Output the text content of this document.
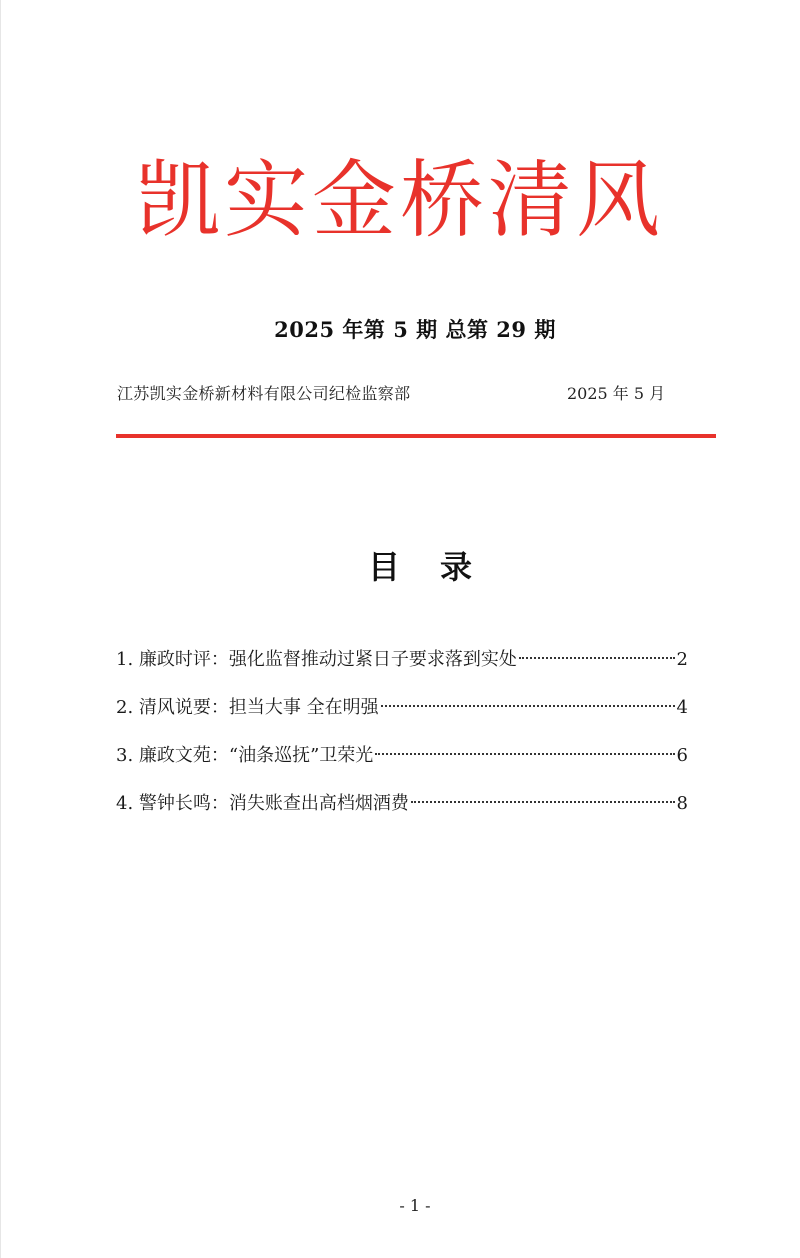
凯实金桥清风
2025 年第 5 期 总第 29 期
江苏凯实金桥新材料有限公司纪检监察部	2025 年 5 月
目 录
1. 廉政时评：强化监督推动过紧日子要求落到实处	2
2. 清风说要：担当大事 全在明强	4
3. 廉政文苑：“油条巡抚”卫荣光	6
4. 警钟长鸣：消失账查出高档烟酒费	8
- 1 -
